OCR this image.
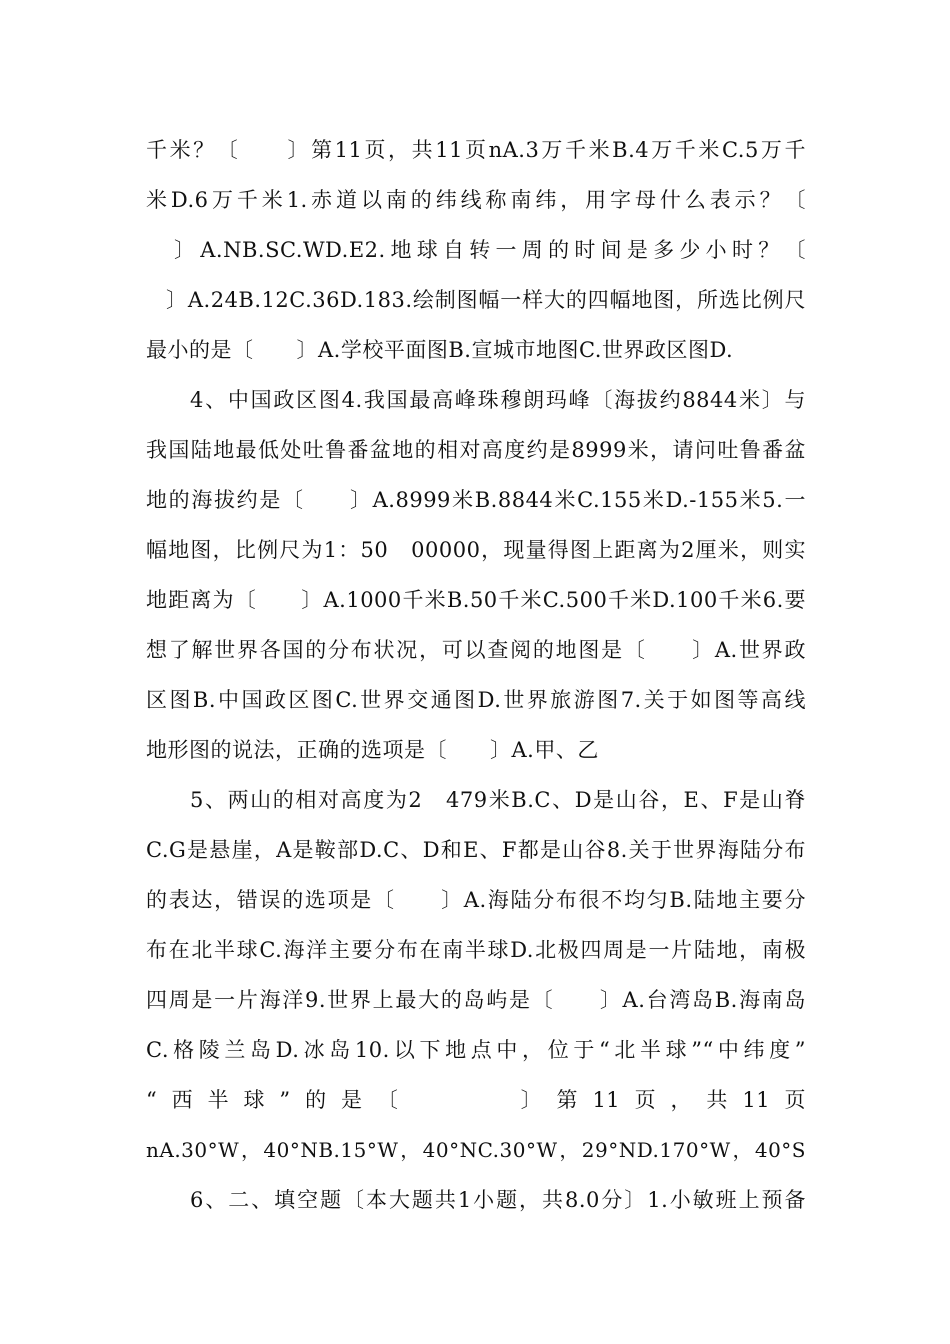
千米？〔　　〕第11页，共11页nA.3万千米B.4万千米C.5万千
米D.6万千米1.赤道以南的纬线称南纬，用字母什么表示？〔
〕A.NB.SC.WD.E2.地球自转一周的时间是多少小时？〔
〕A.24B.12C.36D.183.绘制图幅一样大的四幅地图，所选比例尺
最小的是〔　　〕A.学校平面图B.宣城市地图C.世界政区图D.
4、中国政区图4.我国最高峰珠穆朗玛峰〔海拔约8844米〕与
我国陆地最低处吐鲁番盆地的相对高度约是8999米，请问吐鲁番盆
地的海拔约是〔　　〕A.8999米B.8844米C.155米D.-155米5.一
幅地图，比例尺为1：50　00000，现量得图上距离为2厘米，则实
地距离为〔　　〕A.1000千米B.50千米C.500千米D.100千米6.要
想了解世界各国的分布状况，可以查阅的地图是〔　　〕A.世界政
区图B.中国政区图C.世界交通图D.世界旅游图7.关于如图等高线
地形图的说法，正确的选项是〔　　〕A.甲、乙
5、两山的相对高度为2　479米B.C、D是山谷，E、F是山脊
C.G是悬崖，A是鞍部D.C、D和E、F都是山谷8.关于世界海陆分布
的表达，错误的选项是〔　　〕A.海陆分布很不均匀B.陆地主要分
布在北半球C.海洋主要分布在南半球D.北极四周是一片陆地，南极
四周是一片海洋9.世界上最大的岛屿是〔　　〕A.台湾岛B.海南岛
C.格陵兰岛D.冰岛10.以下地点中，位于“北半球”“中纬度”
“西半球”的是〔　　　〕第11页，共11页
nA.30°W，40°NB.15°W，40°NC.30°W，29°ND.170°W，40°S
6、二、填空题〔本大题共1小题，共8.0分〕1.小敏班上预备
